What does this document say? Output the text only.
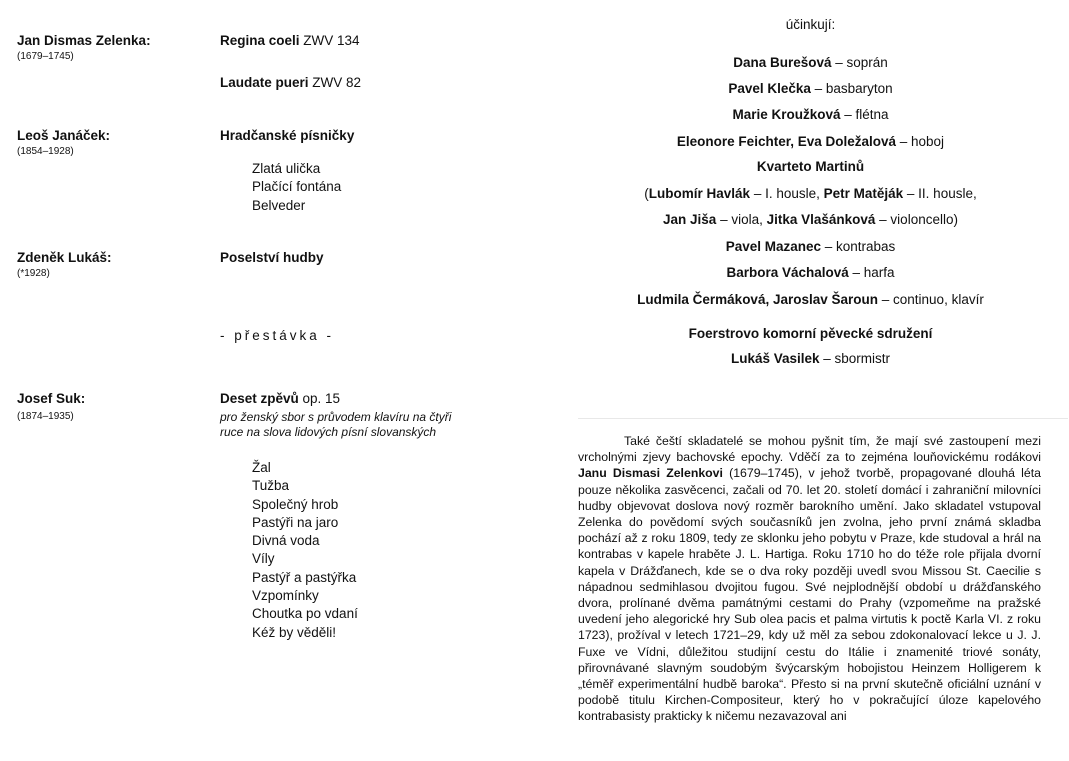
Jan Dismas Zelenka:
(1679–1745)
Leoš Janáček:
(1854–1928)
Zdeněk Lukáš:
(*1928)
Josef Suk:
(1874–1935)
Regina coeli ZWV 134
Laudate pueri ZWV 82
Hradčanské písničky
Zlatá ulička
Plačící fontána
Belveder
Poselství hudby
- přestávka -
Deset zpěvů op. 15
pro ženský sbor s průvodem klavíru na čtyři
ruce na slova lidových písní slovanských
Žal
Tužba
Společný hrob
Pastýři na jaro
Divná voda
Víly
Pastýř a pastýřka
Vzpomínky
Choutka po vdaní
Kéž by věděli!
účinkují:
Dana Burešová – soprán
Pavel Klečka – basbaryton
Marie Kroužková – flétna
Eleonore Feichter, Eva Doležalová – hoboj
Kvarteto Martinů
(Lubomír Havlák – I. housle, Petr Matěják – II. housle,
Jan Jiša – viola, Jitka Vlašánková – violoncello)
Pavel Mazanec – kontrabas
Barbora Váchalová – harfa
Ludmila Čermáková, Jaroslav Šaroun – continuo, klavír
Foerstrovo komorní pěvecké sdružení
Lukáš Vasilek – sbormistr

Také čeští skladatelé se mohou pyšnit tím, že mají své zastoupení mezi vrcholnými zjevy bachovské epochy. Vděčí za to zejména louňovickému rodákovi Janu Dismasi Zelenkovi (1679–1745), v jehož tvorbě, propagované dlouhá léta pouze několika zasvěcenci, začali od 70. let 20. století domácí i zahraniční milovníci hudby objevovat doslova nový rozměr barokního umění. Jako skladatel vstupoval Zelenka do povědomí svých současníků jen zvolna, jeho první známá skladba pochází až z roku 1809, tedy ze sklonku jeho pobytu v Praze, kde studoval a hrál na kontrabas v kapele hraběte J. L. Hartiga. Roku 1710 ho do téže role přijala dvorní kapela v Drážďanech, kde se o dva roky později uvedl svou Missou St. Caecilie s nápadnou sedmihlasou dvojitou fugou. Své nejplodnější období u drážďanského dvora, prolínané dvěma památnými cestami do Prahy (vzpomeňme na pražské uvedení jeho alegorické hry Sub olea pacis et palma virtutis k poctě Karla VI. z roku 1723), prožíval v letech 1721–29, kdy už měl za sebou zdokonalovací lekce u J. J. Fuxe ve Vídni, důležitou studijní cestu do Itálie i znamenité triové sonáty, přirovnávané slavným soudobým švýcarským hobojistou Heinzem Holligerem k „téměř experimentální hudbě baroka“. Přesto si na první skutečně oficiální uznání v podobě titulu Kirchen-Compositeur, který ho v pokračující úloze kapelového kontrabasisty prakticky k ničemu nezavazoval ani
